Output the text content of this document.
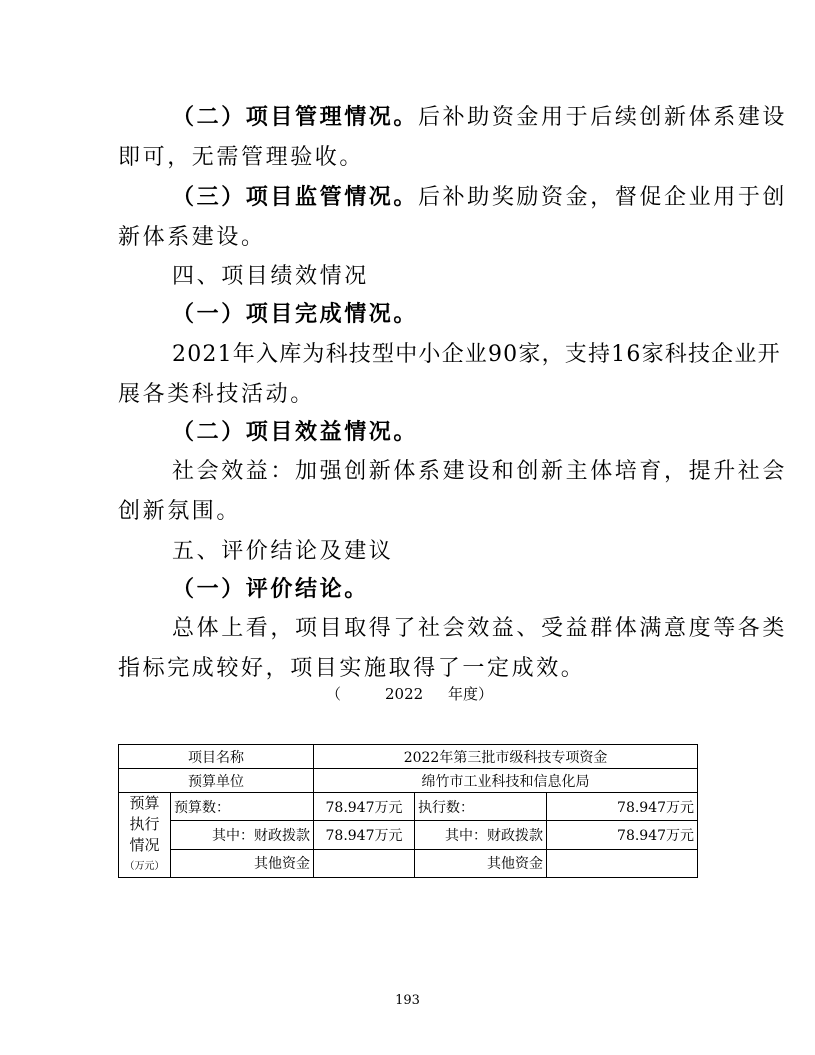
（二）项目管理情况。后补助资金用于后续创新体系建设
即可，无需管理验收。
（三）项目监管情况。后补助奖励资金，督促企业用于创
新体系建设。
四、项目绩效情况
（一）项目完成情况。
2021年入库为科技型中小企业90家，支持16家科技企业开
展各类科技活动。
（二）项目效益情况。
社会效益：加强创新体系建设和创新主体培育，提升社会
创新氛围。
五、评价结论及建议
（一）评价结论。
总体上看，项目取得了社会效益、受益群体满意度等各类
指标完成较好，项目实施取得了一定成效。
（	2022 年度）
项目名称		2022年第三批市级科技专项资金		
预算单位		绵竹市工业科技和信息化局		

预算
执行
情况
（万元）	预算数：	78.947万元	执行数：	78.947万元
	其中：财政拨款	78.947万元	其中：财政拨款	78.947万元
	其他资金		其他资金	
193
